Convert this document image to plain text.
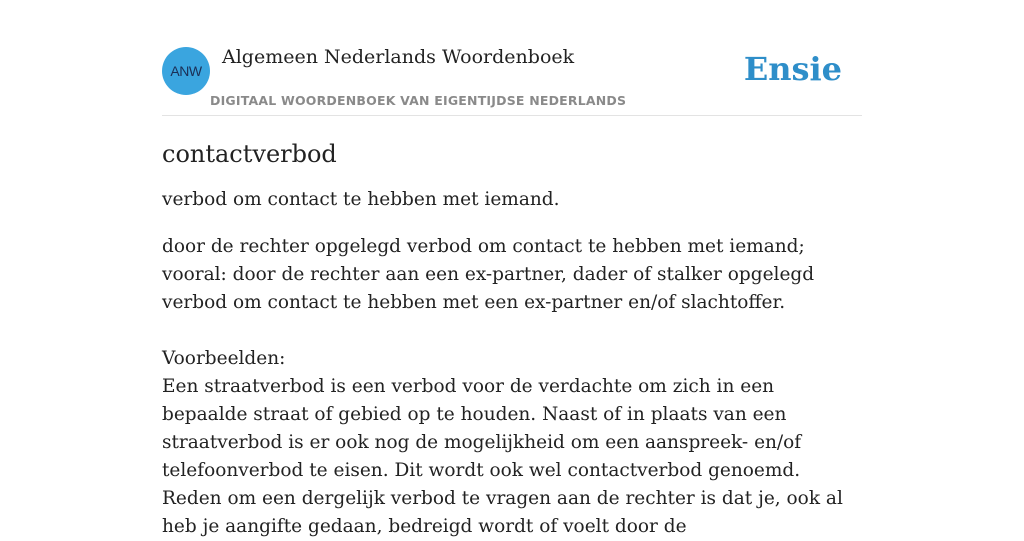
ANW
Algemeen Nederlands Woordenboek
DIGITAAL WOORDENBOEK VAN EIGENTIJDSE NEDERLANDS
Ensie
contactverbod

verbod om contact te hebben met iemand.

door de rechter opgelegd verbod om contact te hebben met iemand; vooral: door de rechter aan een ex-partner, dader of stalker opgelegd verbod om contact te hebben met een ex-partner en/of slachtoffer.

Voorbeelden:

Een straatverbod is een verbod voor de verdachte om zich in een bepaalde straat of gebied op te houden. Naast of in plaats van een straatverbod is er ook nog de mogelijkheid om een aanspreek- en/of telefoonverbod te eisen. Dit wordt ook wel contactverbod genoemd. Reden om een dergelijk verbod te vragen aan de rechter is dat je, ook al heb je aangifte gedaan, bedreigd wordt of voelt door de
